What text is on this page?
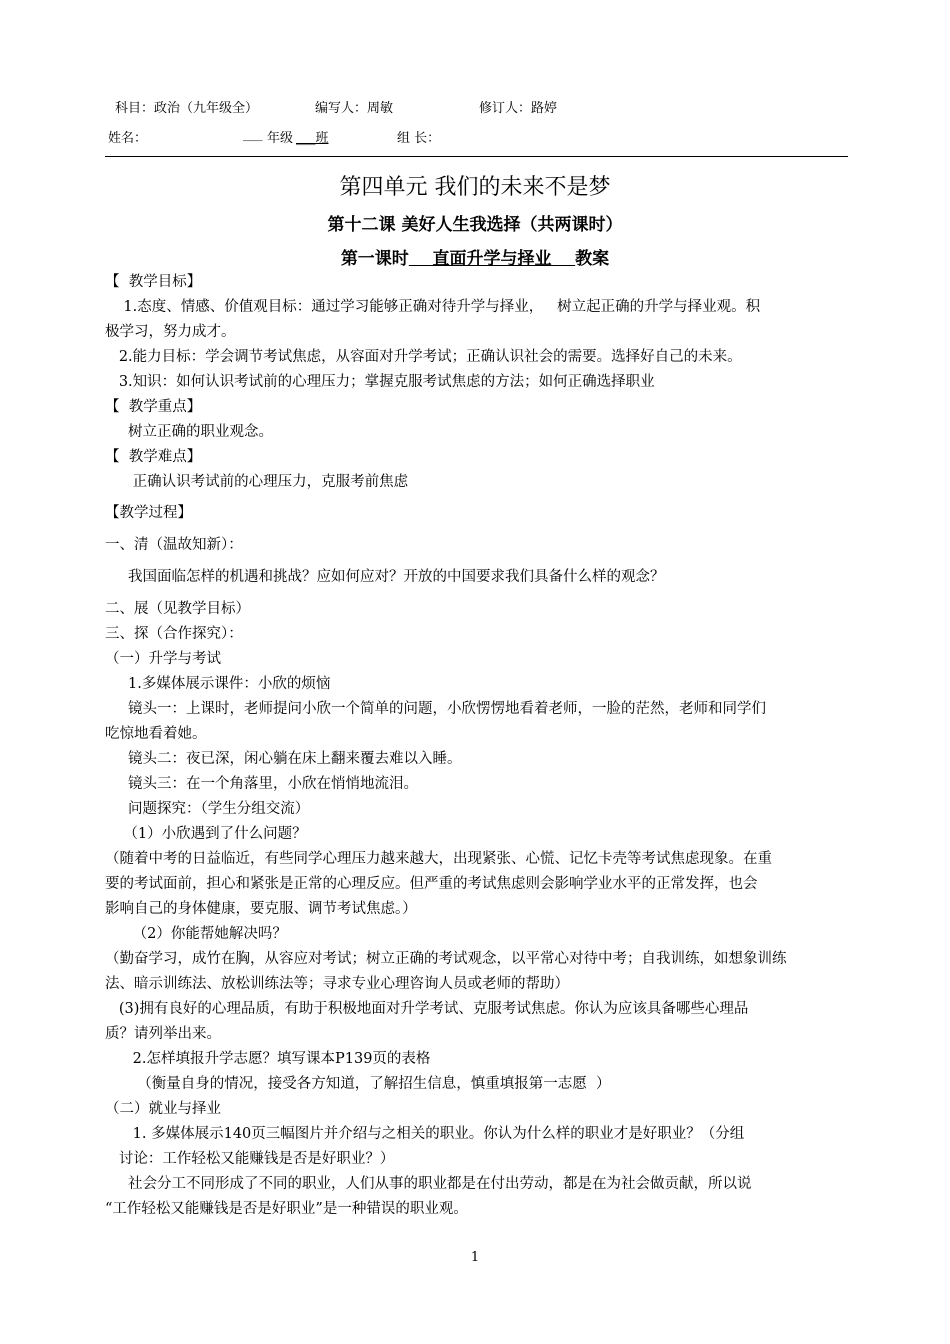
科目：政治（九年级全）	编写人：周敏	修订人：路婷
姓名：	___ 年级 ___班	组 长：
第四单元 我们的未来不是梦
第十二课 美好人生我选择（共两课时）
第一课时    直面升学与择业    教案
【  教学目标】
1.态度、情感、价值观目标：通过学习能够正确对待升学与择业，   树立起正确的升学与择业观。积
极学习，努力成才。
2.能力目标：学会调节考试焦虑，从容面对升学考试；正确认识社会的需要。选择好自己的未来。
3.知识：如何认识考试前的心理压力；掌握克服考试焦虑的方法；如何正确选择职业
【  教学重点】
树立正确的职业观念。
【  教学难点】
正确认识考试前的心理压力，克服考前焦虑
【教学过程】
一、清（温故知新）：
我国面临怎样的机遇和挑战？应如何应对？开放的中国要求我们具备什么样的观念？
二、展（见教学目标）
三、探（合作探究）：
（一）升学与考试
1.多媒体展示课件：小欣的烦恼
镜头一：上课时，老师提问小欣一个简单的问题，小欣愣愣地看着老师，一脸的茫然，老师和同学们
吃惊地看着她。
镜头二：夜已深，闲心躺在床上翻来覆去难以入睡。
镜头三：在一个角落里，小欣在悄悄地流泪。
问题探究：（学生分组交流）
（1）小欣遇到了什么问题？
（随着中考的日益临近，有些同学心理压力越来越大，出现紧张、心慌、记忆卡壳等考试焦虑现象。在重
要的考试面前，担心和紧张是正常的心理反应。但严重的考试焦虑则会影响学业水平的正常发挥，也会
影响自己的身体健康，要克服、调节考试焦虑。）
（2）你能帮她解决吗？
（勤奋学习，成竹在胸，从容应对考试；树立正确的考试观念，以平常心对待中考；自我训练，如想象训练
法、暗示训练法、放松训练法等；寻求专业心理咨询人员或老师的帮助）
(3)拥有良好的心理品质，有助于积极地面对升学考试、克服考试焦虑。你认为应该具备哪些心理品
质？请列举出来。
2.怎样填报升学志愿？填写课本P139页的表格
（衡量自身的情况，接受各方知道，了解招生信息，慎重填报第一志愿  ）
（二）就业与择业
1. 多媒体展示140页三幅图片并介绍与之相关的职业。你认为什么样的职业才是好职业？（分组
讨论：工作轻松又能赚钱是否是好职业？）
社会分工不同形成了不同的职业，人们从事的职业都是在付出劳动，都是在为社会做贡献，所以说
“工作轻松又能赚钱是否是好职业”是一种错误的职业观。
1
